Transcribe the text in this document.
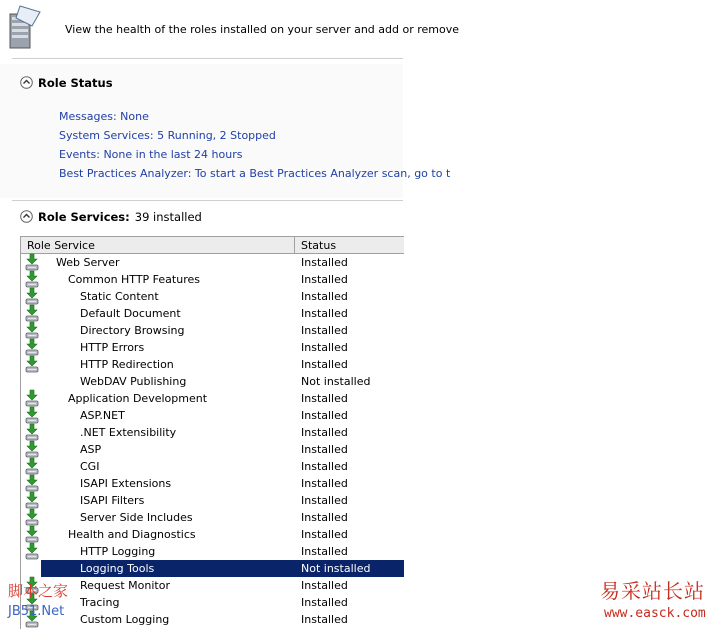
View the health of the roles installed on your server and add or remove
Role Status
Messages: None
System Services: 5 Running, 2 Stopped
Events: None in the last 24 hours
Best Practices Analyzer: To start a Best Practices Analyzer scan, go to t
Role Services: 39 installed
Role Service	Status
Web Server	Installed
Common HTTP Features	Installed
Static Content	Installed
Default Document	Installed
Directory Browsing	Installed
HTTP Errors	Installed
HTTP Redirection	Installed
WebDAV Publishing	Not installed
Application Development	Installed
ASP.NET	Installed
.NET Extensibility	Installed
ASP	Installed
CGI	Installed
ISAPI Extensions	Installed
ISAPI Filters	Installed
Server Side Includes	Installed
Health and Diagnostics	Installed
HTTP Logging	Installed
Logging Tools	Not installed
Request Monitor	Installed
Tracing	Installed
Custom Logging	Installed
脚本之家
JB51.Net
易采站长站
www.easck.com
